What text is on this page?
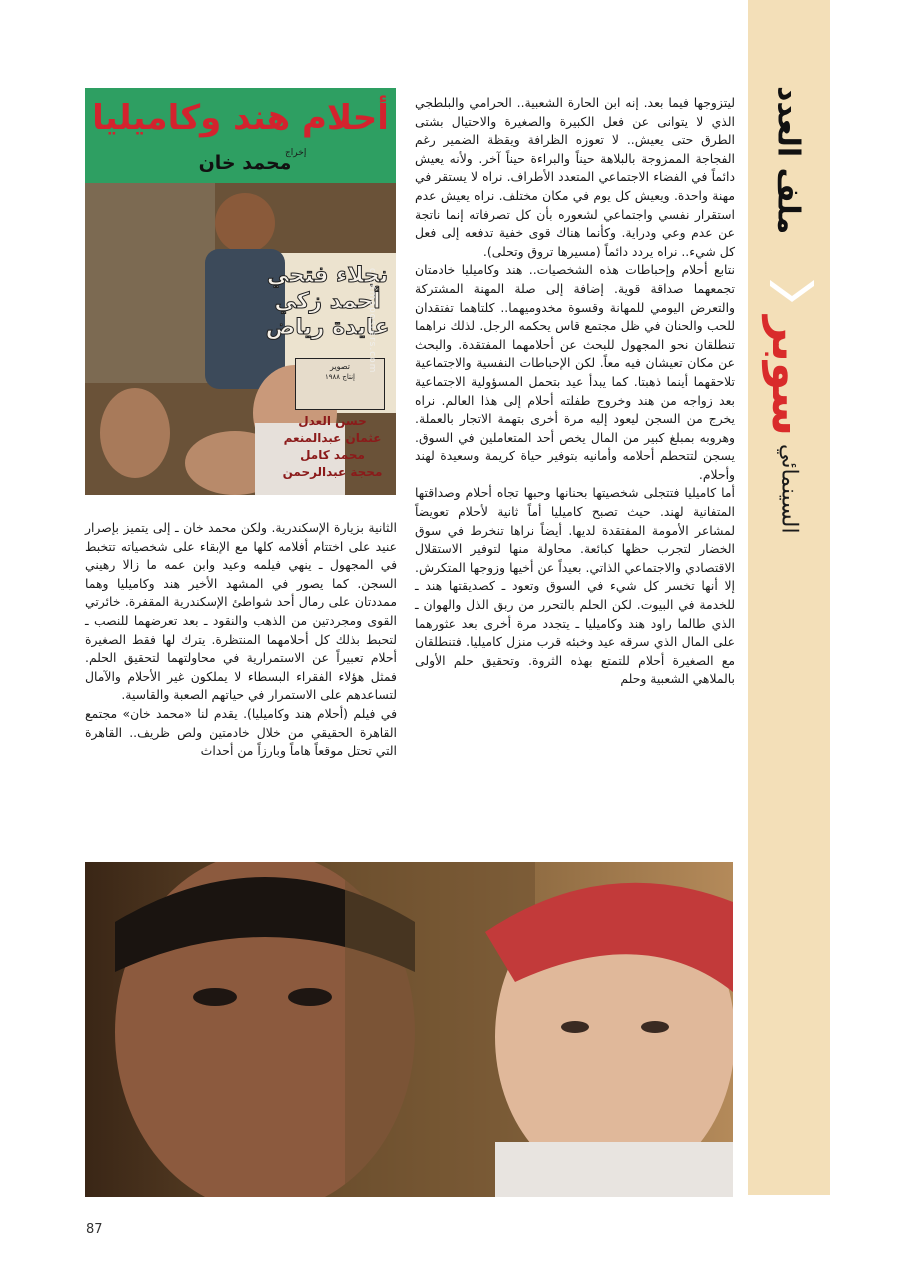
ملف العدد
سوبر
السينمائي
أحلام هند وكاميليا
إخراج
محمد خان
نجلاء فتحي
أحمد زكي
عايدة رياض
تصوير
إنتاج ١٩٨٨
حسن العدل
عثمان عبدالمنعم
محمد كامل
محجة عبدالرحمن
cinemaposters.com

ليتزوجها فيما بعد. إنه ابن الحارة الشعبية.. الحرامي والبلطجي الذي لا يتوانى عن فعل الكبيرة والصغيرة والاحتيال بشتى الطرق حتى يعيش.. لا تعوزه الظرافة ويقظة الضمير رغم الفجاجة الممزوجة بالبلاهة حيناً والبراءة حيناً آخر. ولأنه يعيش دائماً في الفضاء الاجتماعي المتعدد الأطراف. نراه لا يستقر في مهنة واحدة. ويعيش كل يوم في مكان مختلف. نراه يعيش عدم استقرار نفسي واجتماعي لشعوره بأن كل تصرفاته إنما ناتجة عن عدم وعي ودراية. وكأنما هناك قوى خفية تدفعه إلى فعل كل شيء.. نراه يردد دائماً (مسيرها تروق وتحلى).

نتابع أحلام وإحباطات هذه الشخصيات.. هند وكاميليا خادمتان تجمعهما صداقة قوية. إضافة إلى صلة المهنة المشتركة والتعرض اليومي للمهانة وقسوة مخدوميهما.. كلتاهما تفتقدان للحب والحنان في ظل مجتمع قاس يحكمه الرجل. لذلك نراهما تنطلقان نحو المجهول للبحث عن أحلامهما المفتقدة. والبحث عن مكان تعيشان فيه معاً. لكن الإحباطات النفسية والاجتماعية تلاحقهما أينما ذهبتا. كما يبدأ عيد بتحمل المسؤولية الاجتماعية بعد زواجه من هند وخروج طفلته أحلام إلى هذا العالم. نراه يخرج من السجن ليعود إليه مرة أخرى بتهمة الاتجار بالعملة. وهروبه بمبلغ كبير من المال يخص أحد المتعاملين في السوق. يسجن لتتحطم أحلامه وأمانيه بتوفير حياة كريمة وسعيدة لهند وأحلام.

أما كاميليا فتتجلى شخصيتها بحنانها وحبها تجاه أحلام وصداقتها المتفانية لهند. حيث تصبح كاميليا أماً ثانية لأحلام تعويضاً لمشاعر الأمومة المفتقدة لديها. أيضاً نراها تنخرط في سوق الخضار لتجرب حظها كبائعة. محاولة منها لتوفير الاستقلال الاقتصادي والاجتماعي الذاتي. بعيداً عن أخيها وزوجها المتكرش. إلا أنها تخسر كل شيء في السوق وتعود ـ كصديقتها هند ـ للخدمة في البيوت. لكن الحلم بالتحرر من ربق الذل والهوان ـ الذي طالما راود هند وكاميليا ـ يتجدد مرة أخرى بعد عثورهما على المال الذي سرقه عيد وخبئه قرب منزل كاميليا. فتنطلقان مع الصغيرة أحلام للتمتع بهذه الثروة. وتحقيق حلم الأولى بالملاهي الشعبية وحلم

الثانية بزيارة الإسكندرية. ولكن محمد خان ـ إلى يتميز بإصرار عنيد على اختتام أفلامه كلها مع الإبقاء على شخصياته تتخبط في المجهول ـ ينهي فيلمه وعيد وابن عمه ما زالا رهيني السجن. كما يصور في المشهد الأخير هند وكاميليا وهما ممددتان على رمال أحد شواطئ الإسكندرية المقفرة. خائرتي القوى ومجردتين من الذهب والنقود ـ بعد تعرضهما للنصب ـ لتحبط بذلك كل أحلامهما المنتظرة. يترك لها فقط الصغيرة أحلام تعبيراً عن الاستمرارية في محاولتهما لتحقيق الحلم. فمثل هؤلاء الفقراء البسطاء لا يملكون غير الأحلام والآمال لتساعدهم على الاستمرار في حياتهم الصعبة والقاسية.

في فيلم (أحلام هند وكاميليا). يقدم لنا «محمد خان» مجتمع القاهرة الحقيقي من خلال خادمتين ولص ظريف.. القاهرة التي تحتل موقعاً هاماً وبارزاً من أحداث

87
